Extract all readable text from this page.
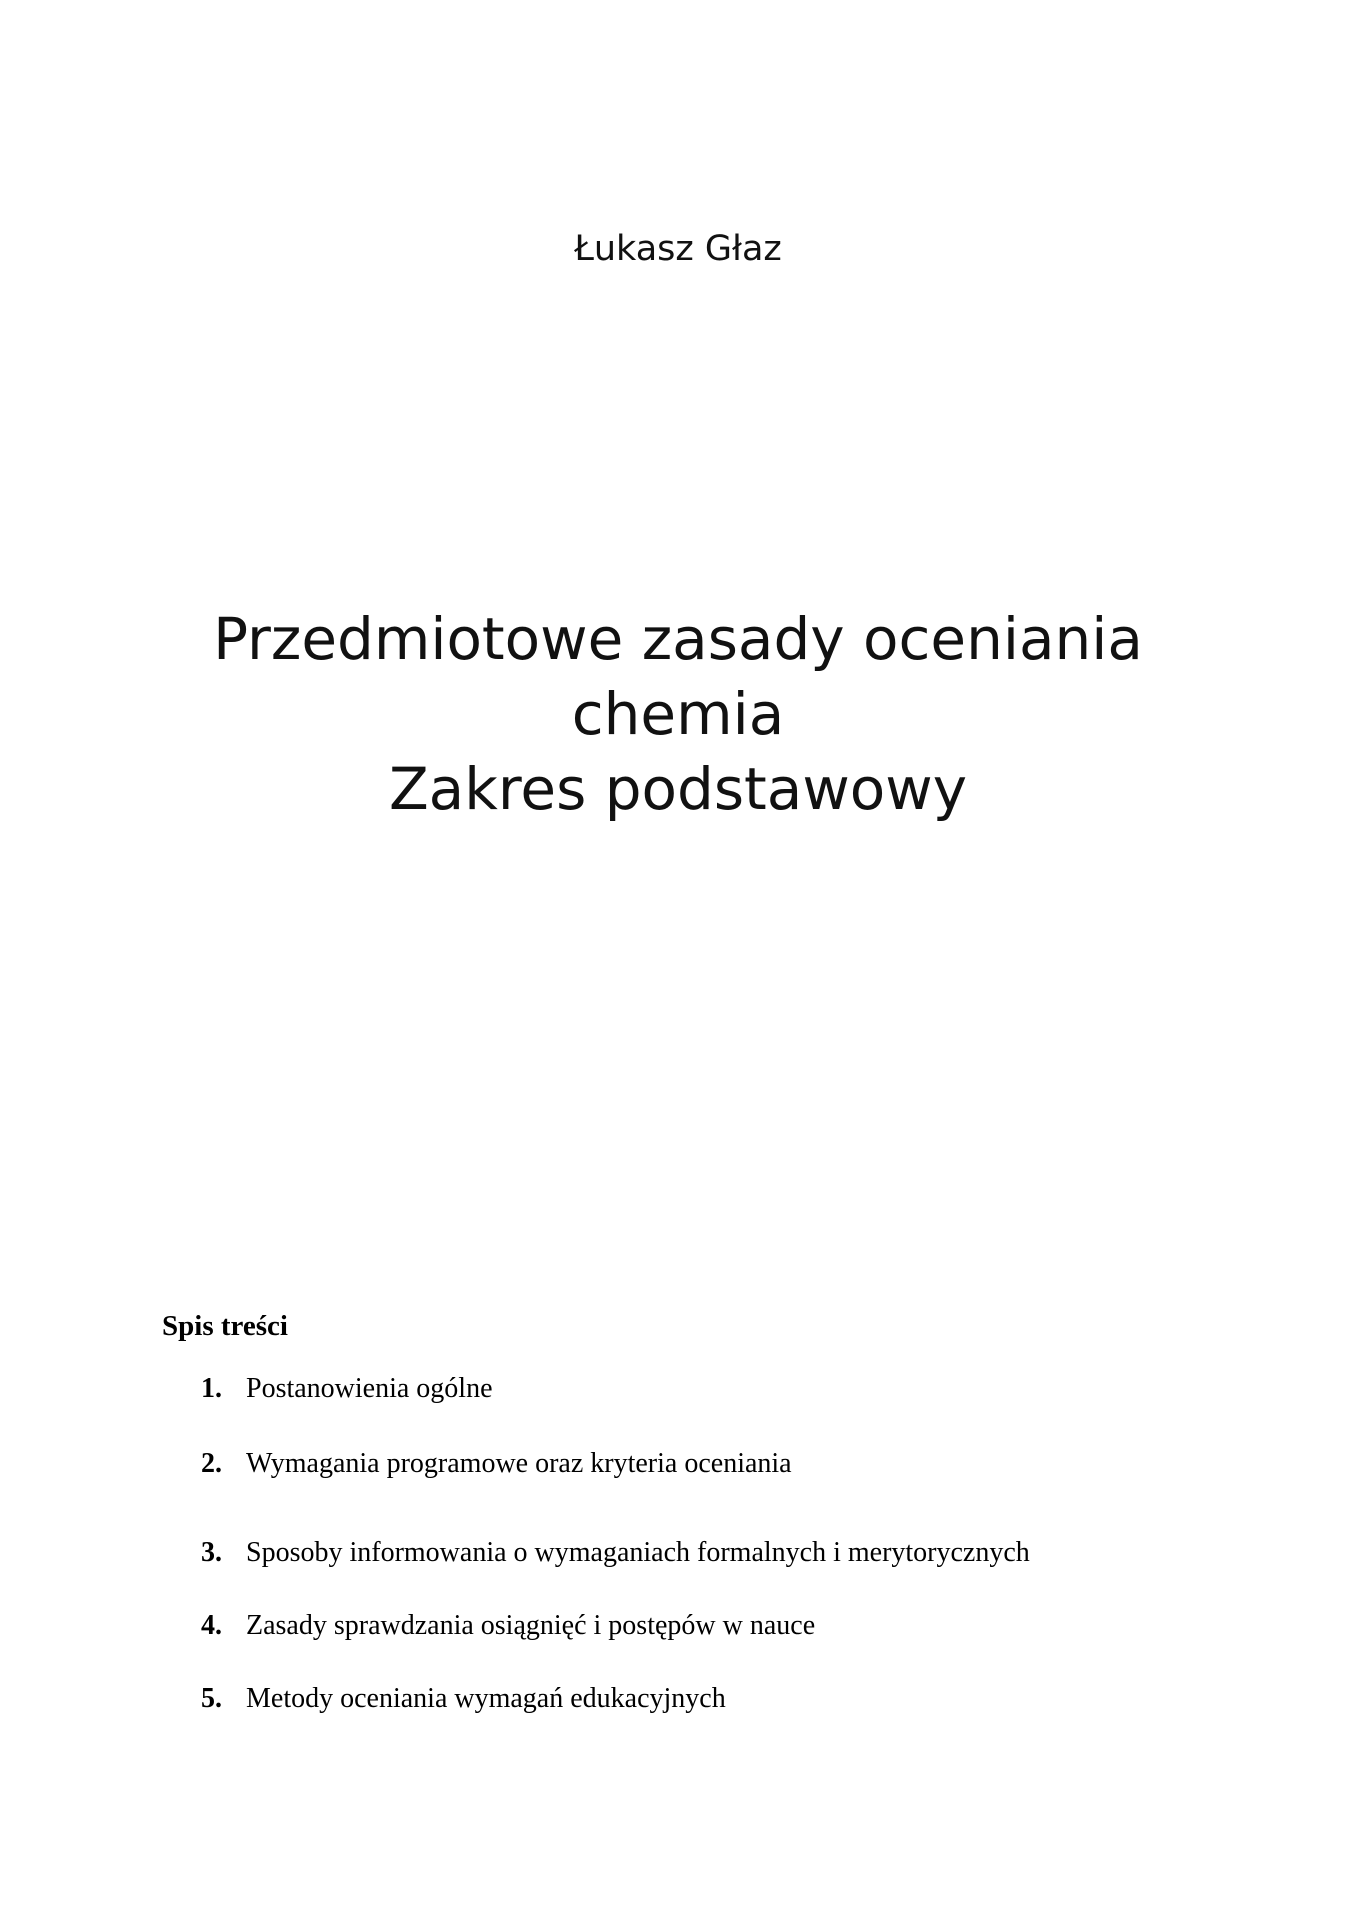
Łukasz Głaz
Przedmiotowe zasady oceniania
chemia
Zakres podstawowy
Spis treści
1. Postanowienia ogólne
2. Wymagania programowe oraz kryteria oceniania
3. Sposoby informowania o wymaganiach formalnych i merytorycznych
4. Zasady sprawdzania osiągnięć i postępów w nauce
5. Metody oceniania wymagań edukacyjnych
